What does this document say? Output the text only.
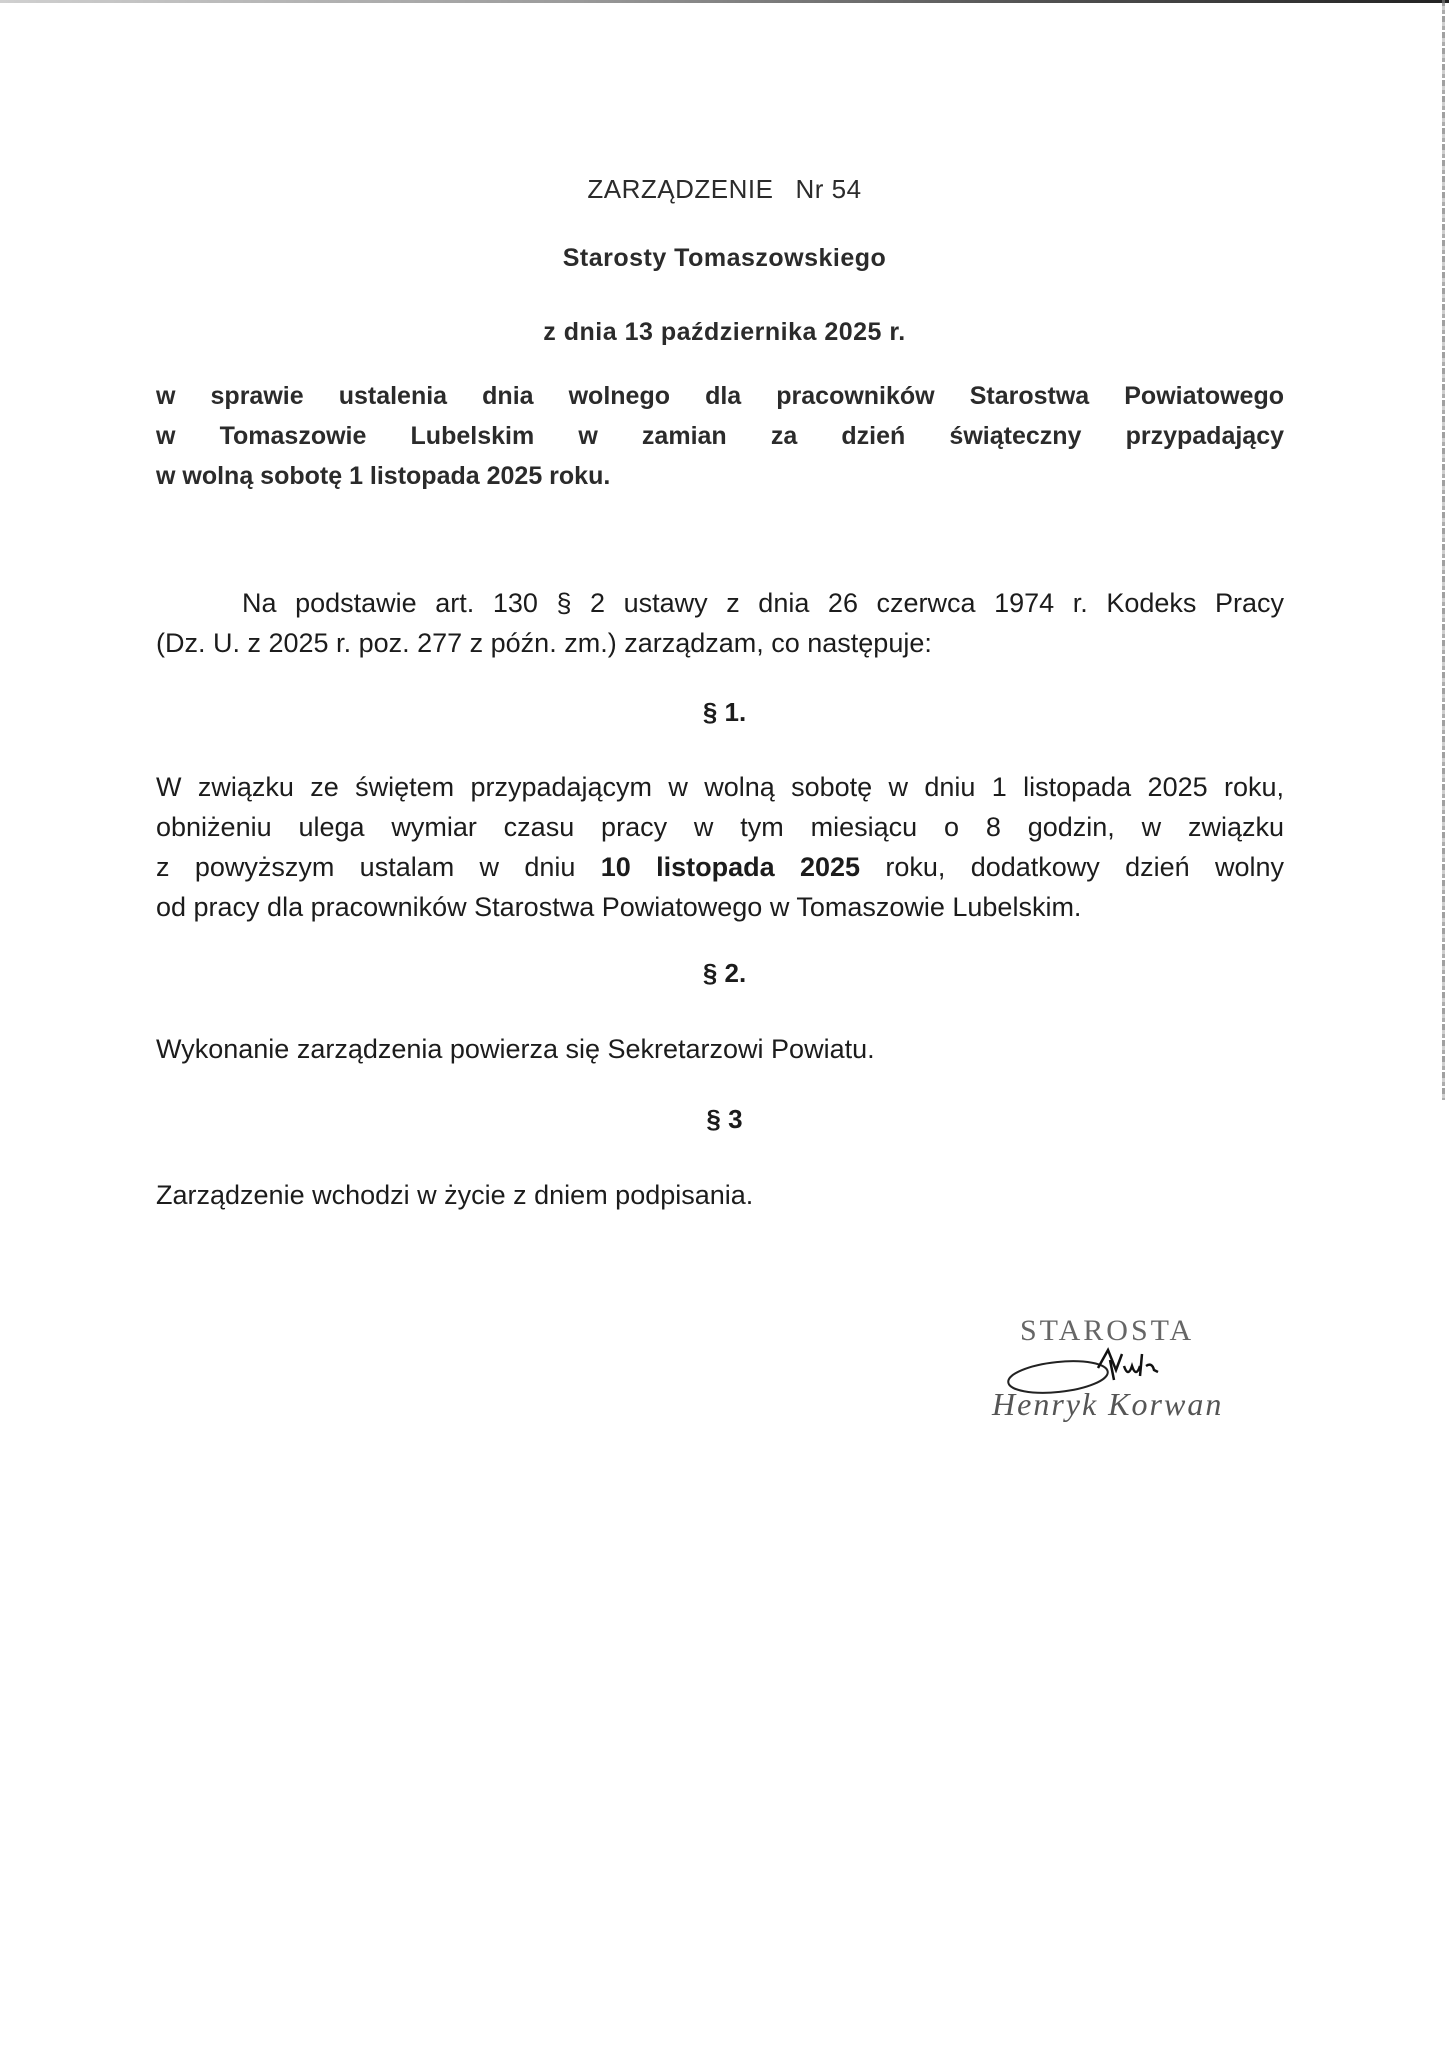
ZARZĄDZENIE Nr 54
Starosty Tomaszowskiego
z dnia 13 października 2025 r.
w sprawie ustalenia dnia wolnego dla pracowników Starostwa Powiatowego
w Tomaszowie Lubelskim w zamian za dzień świąteczny przypadający
w wolną sobotę 1 listopada 2025 roku.
Na podstawie art. 130 § 2 ustawy z dnia 26 czerwca 1974 r. Kodeks Pracy
(Dz. U. z 2025 r. poz. 277 z późn. zm.) zarządzam, co następuje:
§ 1.
W związku ze świętem przypadającym w wolną sobotę w dniu 1 listopada 2025 roku,
obniżeniu ulega wymiar czasu pracy w tym miesiącu o 8 godzin, w związku
z powyższym ustalam w dniu 10 listopada 2025 roku, dodatkowy dzień wolny
od pracy dla pracowników Starostwa Powiatowego w Tomaszowie Lubelskim.
§ 2.
Wykonanie zarządzenia powierza się Sekretarzowi Powiatu.
§ 3
Zarządzenie wchodzi w życie z dniem podpisania.
STAROSTA
Henryk Korwan
